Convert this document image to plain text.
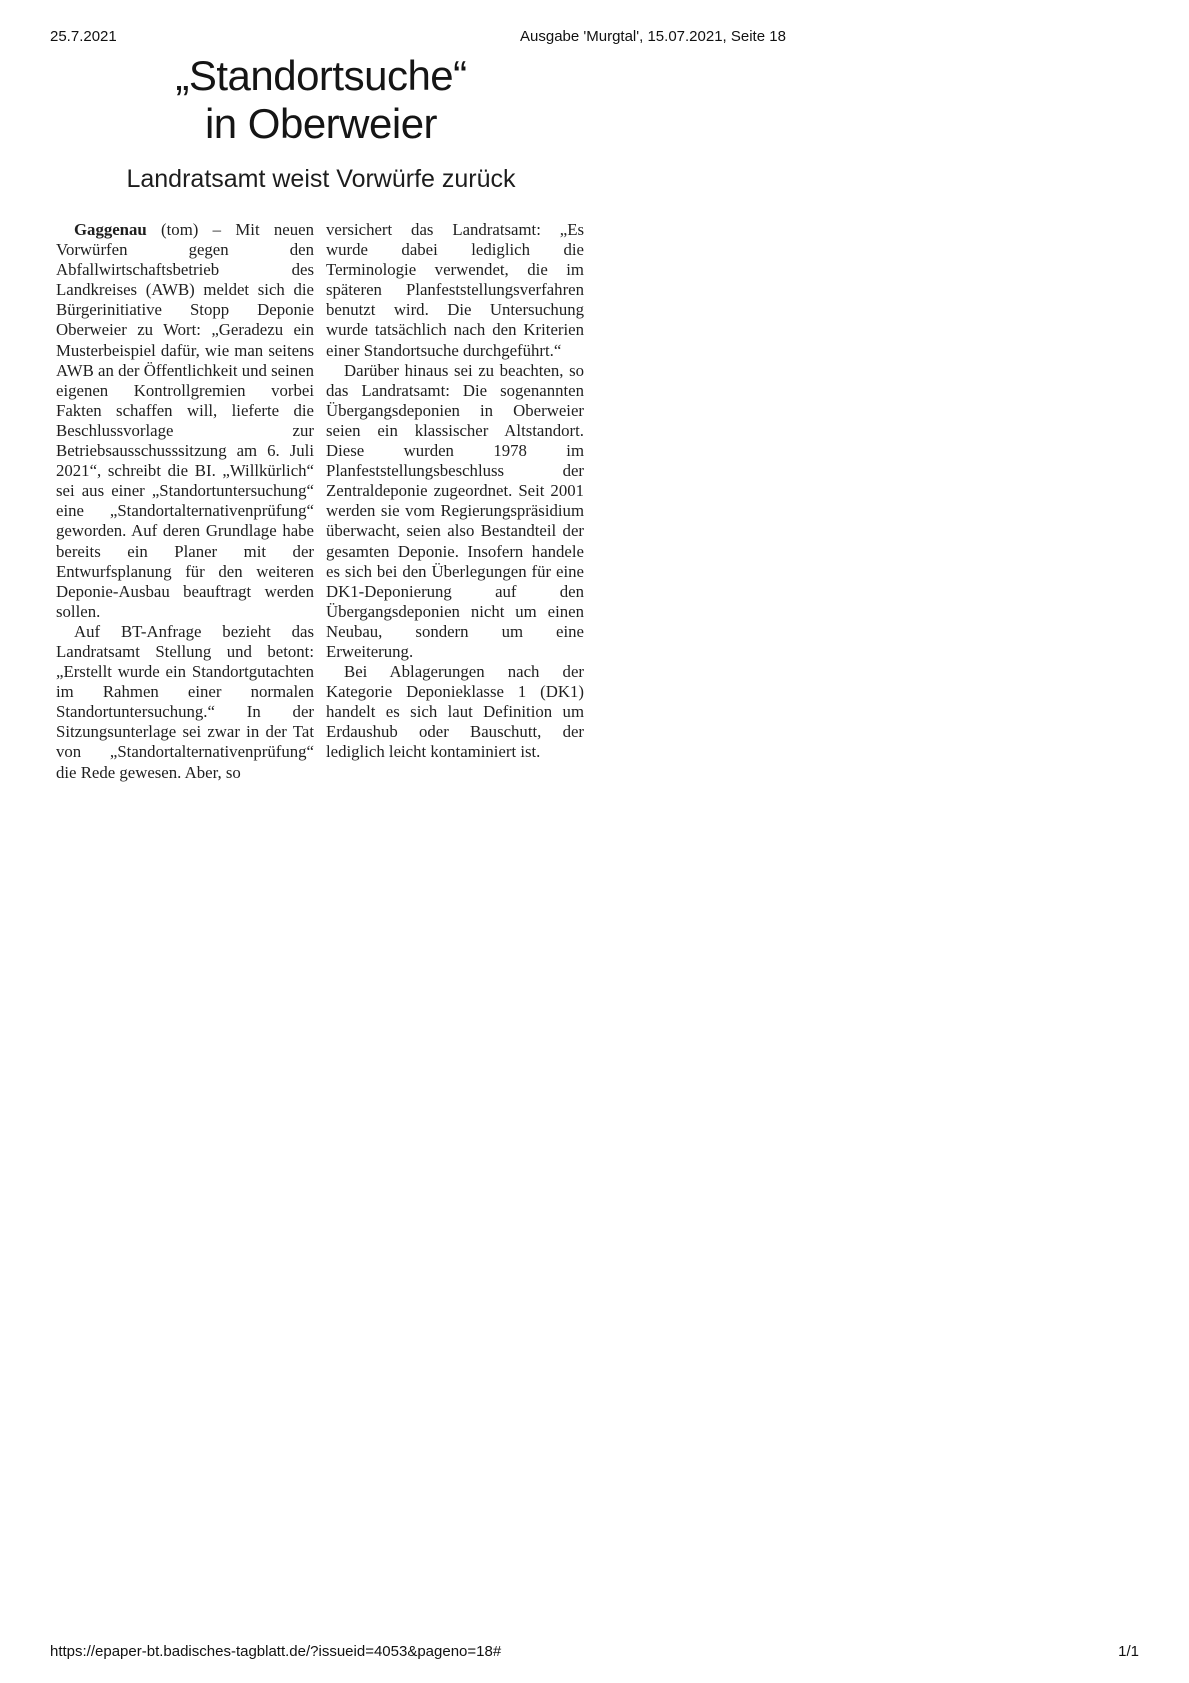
25.7.2021	Ausgabe 'Murgtal', 15.07.2021, Seite 18
„Standortsuche“
in Oberweier
Landratsamt weist Vorwürfe zurück

Gaggenau (tom) – Mit neuen Vorwürfen gegen den Abfallwirtschaftsbetrieb des Landkreises (AWB) meldet sich die Bürgerinitiative Stopp Deponie Oberweier zu Wort: „Geradezu ein Musterbeispiel dafür, wie man seitens AWB an der Öffentlichkeit und seinen eigenen Kontrollgremien vorbei Fakten schaffen will, lieferte die Beschlussvorlage zur Betriebsausschusssitzung am 6. Juli 2021“, schreibt die BI. „Willkürlich“ sei aus einer „Standortuntersuchung“ eine „Standortalternativenprüfung“ geworden. Auf deren Grundlage habe bereits ein Planer mit der Entwurfsplanung für den weiteren Deponie-Ausbau beauftragt werden sollen.

Auf BT-Anfrage bezieht das Landratsamt Stellung und betont: „Erstellt wurde ein Standortgutachten im Rahmen einer normalen Standortuntersuchung.“ In der Sitzungsunterlage sei zwar in der Tat von „Standortalternativenprüfung“ die Rede gewesen. Aber, so

versichert das Landratsamt: „Es wurde dabei lediglich die Terminologie verwendet, die im späteren Planfeststellungsverfahren benutzt wird. Die Untersuchung wurde tatsächlich nach den Kriterien einer Standortsuche durchgeführt.“

Darüber hinaus sei zu beachten, so das Landratsamt: Die sogenannten Übergangsdeponien in Oberweier seien ein klassischer Altstandort. Diese wurden 1978 im Planfeststellungsbeschluss der Zentraldeponie zugeordnet. Seit 2001 werden sie vom Regierungspräsidium überwacht, seien also Bestandteil der gesamten Deponie. Insofern handele es sich bei den Überlegungen für eine DK1-Deponierung auf den Übergangsdeponien nicht um einen Neubau, sondern um eine Erweiterung.

Bei Ablagerungen nach der Kategorie Deponieklasse 1 (DK1) handelt es sich laut Definition um Erdaushub oder Bauschutt, der lediglich leicht kontaminiert ist.

https://epaper-bt.badisches-tagblatt.de/?issueid=4053&pageno=18#	1/1
